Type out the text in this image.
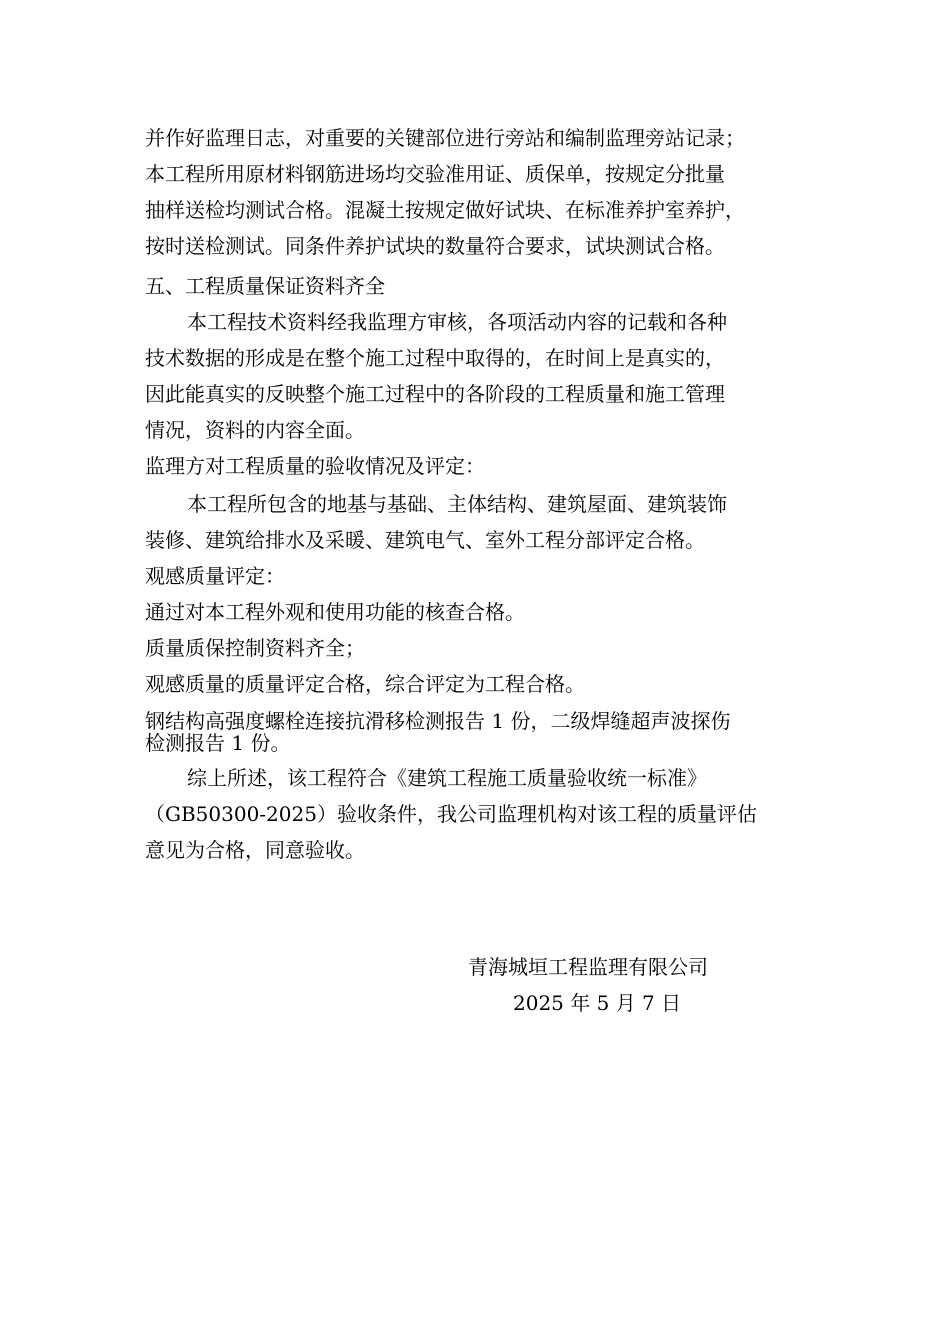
并作好监理日志，对重要的关键部位进行旁站和编制监理旁站记录；
本工程所用原材料钢筋进场均交验准用证、质保单，按规定分批量
抽样送检均测试合格。混凝土按规定做好试块、在标准养护室养护，
按时送检测试。同条件养护试块的数量符合要求，试块测试合格。
五、工程质量保证资料齐全
本工程技术资料经我监理方审核，各项活动内容的记载和各种
技术数据的形成是在整个施工过程中取得的，在时间上是真实的，
因此能真实的反映整个施工过程中的各阶段的工程质量和施工管理
情况，资料的内容全面。
监理方对工程质量的验收情况及评定：
本工程所包含的地基与基础、主体结构、建筑屋面、建筑装饰
装修、建筑给排水及采暖、建筑电气、室外工程分部评定合格。
观感质量评定：
通过对本工程外观和使用功能的核查合格。
质量质保控制资料齐全；
观感质量的质量评定合格，综合评定为工程合格。
钢结构高强度螺栓连接抗滑移检测报告 1 份，二级焊缝超声波探伤
检测报告 1 份。
综上所述，该工程符合《建筑工程施工质量验收统一标准》
（GB50300-2025）验收条件，我公司监理机构对该工程的质量评估
意见为合格，同意验收。
青海城垣工程监理有限公司
2025 年 5 月 7 日
